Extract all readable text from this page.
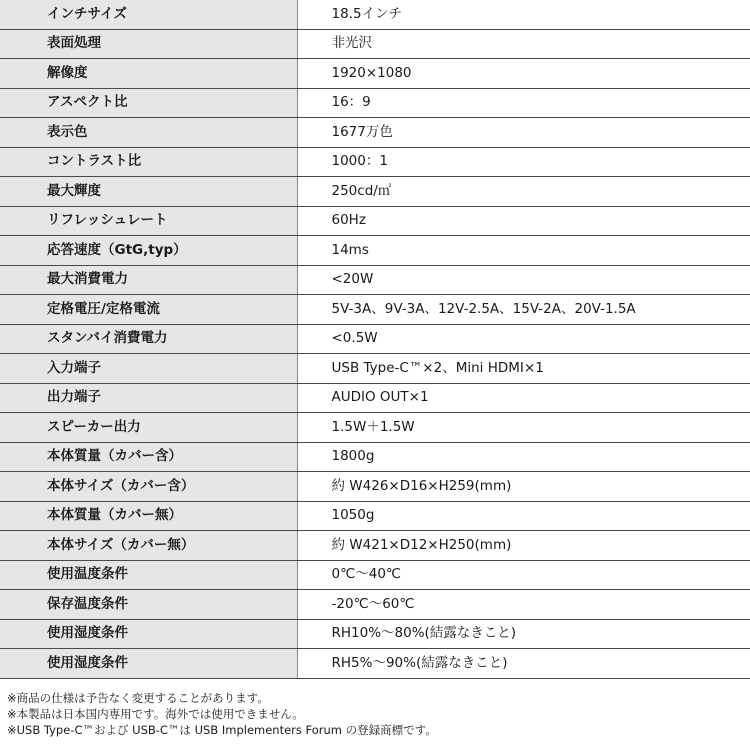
インチサイズ	18.5インチ
表面処理	非光沢
解像度	1920×1080
アスペクト比	16：9
表示色	1677万色
コントラスト比	1000：1
最大輝度	250cd/㎡
リフレッシュレート	60Hz
応答速度（GtG,typ）	14ms
最大消費電力	<20W
定格電圧/定格電流	5V-3A、9V-3A、12V-2.5A、15V-2A、20V-1.5A
スタンバイ消費電力	<0.5W
入力端子	USB Type-C™×2、Mini HDMI×1
出力端子	AUDIO OUT×1
スピーカー出力	1.5W＋1.5W
本体質量（カバー含）	1800g
本体サイズ（カバー含）	約 W426×D16×H259(mm)
本体質量（カバー無）	1050g
本体サイズ（カバー無）	約 W421×D12×H250(mm)
使用温度条件	0℃～40℃
保存温度条件	-20℃～60℃
使用湿度条件	RH10%～80%(結露なきこと)
使用湿度条件	RH5%～90%(結露なきこと)
※商品の仕様は予告なく変更することがあります。
※本製品は日本国内専用です。海外では使用できません。
※USB Type-C™および USB-C™は USB Implementers Forum の登録商標です。
